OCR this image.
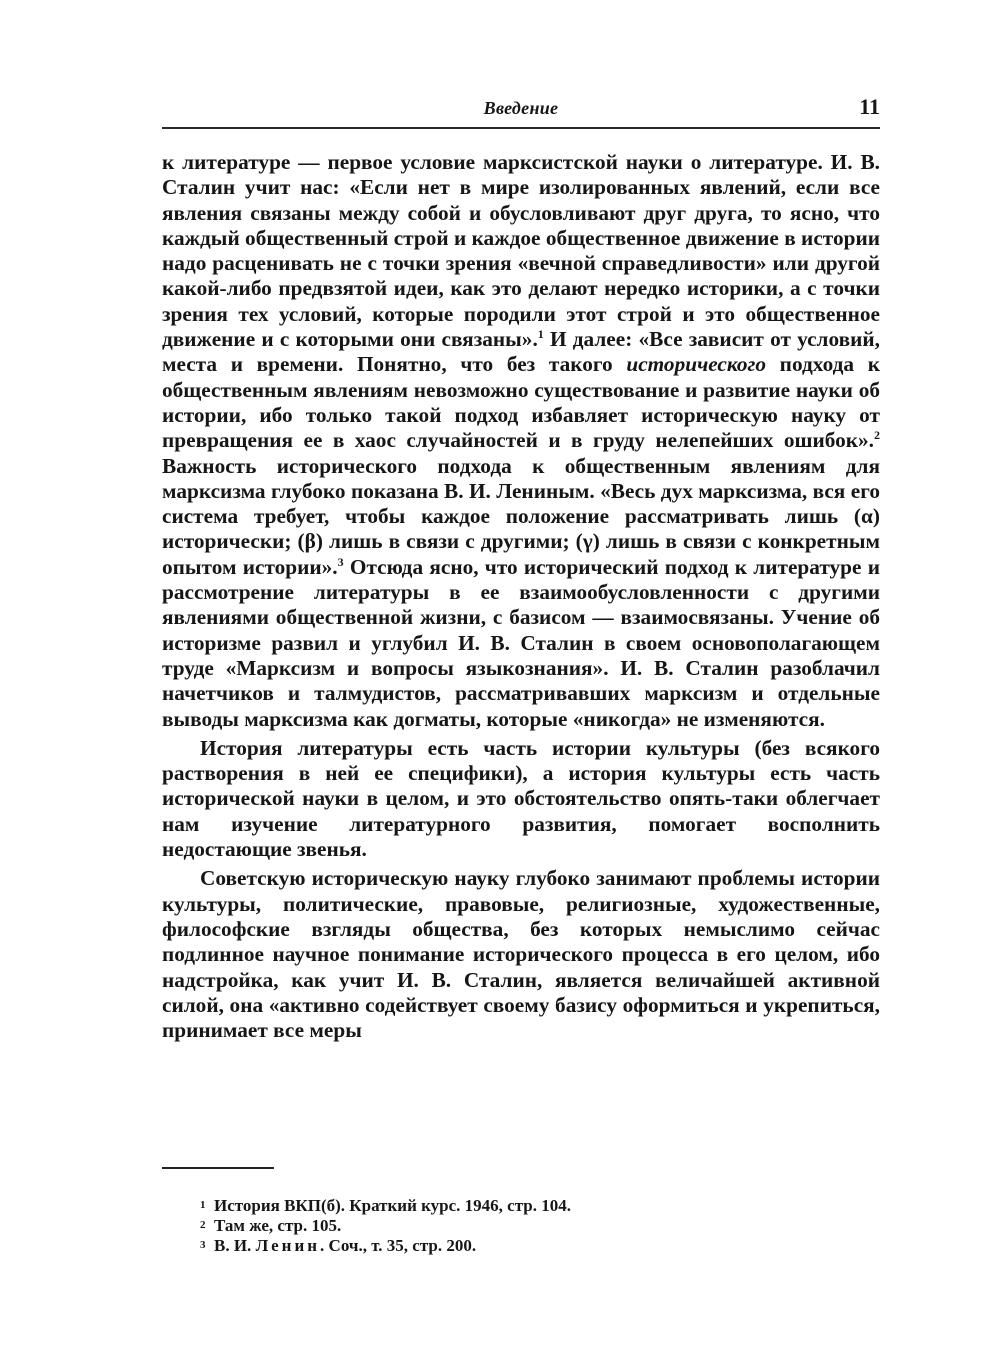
Введение	11

к литературе — первое условие марксистской науки о литературе. И. В. Сталин учит нас: «Если нет в мире изолированных явлений, если все явления связаны между собой и обусловливают друг друга, то ясно, что каждый общественный строй и каждое общественное движение в истории надо расценивать не с точки зрения «вечной справедливости» или другой какой-либо предвзятой идеи, как это делают нередко историки, а с точки зрения тех условий, которые породили этот строй и это общественное движение и с которыми они связаны».$^1$ И далее: «Все зависит от условий, места и времени. Понятно, что без такого исторического подхода к общественным явлениям невозможно существование и развитие науки об истории, ибо только такой подход избавляет историческую науку от превращения ее в хаос случайностей и в груду нелепейших ошибок».$^2$ Важность исторического подхода к общественным явлениям для марксизма глубоко показана В. И. Лениным. «Весь дух марксизма, вся его система требует, чтобы каждое положение рассматривать лишь (α) исторически; (β) лишь в связи с другими; (γ) лишь в связи с конкретным опытом истории».$^3$ Отсюда ясно, что исторический подход к литературе и рассмотрение литературы в ее взаимообусловленности с другими явлениями общественной жизни, с базисом — взаимосвязаны. Учение об историзме развил и углубил И. В. Сталин в своем основополагающем труде «Марксизм и вопросы языкознания». И. В. Сталин разоблачил начетчиков и талмудистов, рассматривавших марксизм и отдельные выводы марксизма как догматы, которые «никогда» не изменяются.

История литературы есть часть истории культуры (без всякого растворения в ней ее специфики), а история культуры есть часть исторической науки в целом, и это обстоятельство опять-таки облегчает нам изучение литературного развития, помогает восполнить недостающие звенья.

Советскую историческую науку глубоко занимают проблемы истории культуры, политические, правовые, религиозные, художественные, философские взгляды общества, без которых немыслимо сейчас подлинное научное понимание исторического процесса в его целом, ибо надстройка, как учит И. В. Сталин, является величайшей активной силой, она «активно содействует своему базису оформиться и укрепиться, принимает все меры

1 История ВКП(б). Краткий курс. 1946, стр. 104.
2 Там же, стр. 105.
3 В. И. Ленин. Соч., т. 35, стр. 200.
